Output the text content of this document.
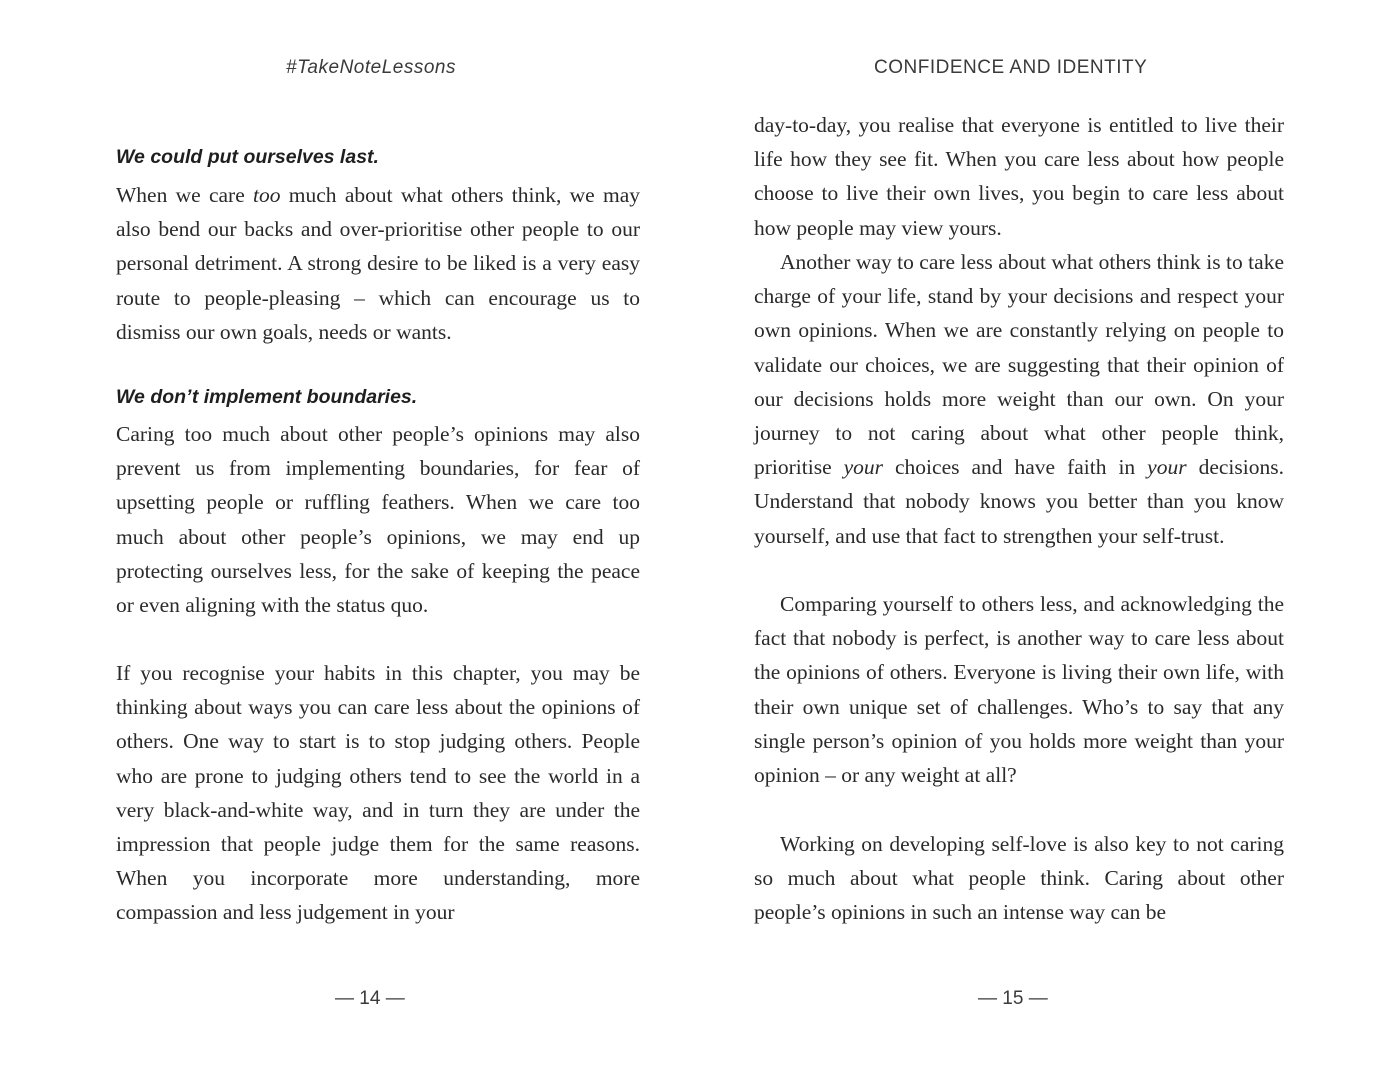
#TakeNoteLessons
We could put ourselves last.

When we care too much about what others think, we may also bend our backs and over-prioritise other people to our personal detriment. A strong desire to be liked is a very easy route to people-pleasing – which can encourage us to dismiss our own goals, needs or wants.

We don’t implement boundaries.
Caring too much about other people’s opinions may also prevent us from implementing boundaries, for fear of upsetting people or ruffling feathers. When we care too much about other people’s opinions, we may end up protecting ourselves less, for the sake of keeping the peace or even aligning with the status quo.
If you recognise your habits in this chapter, you may be thinking about ways you can care less about the opinions of others. One way to start is to stop judging others. People who are prone to judging others tend to see the world in a very black-and-white way, and in turn they are under the impression that people judge them for the same reasons. When you incorporate more understanding, more compassion and less judgement in your
— 14 —
CONFIDENCE AND IDENTITY
day-to-day, you realise that everyone is entitled to live their life how they see fit. When you care less about how people choose to live their own lives, you begin to care less about how people may view yours.

Another way to care less about what others think is to take charge of your life, stand by your decisions and respect your own opinions. When we are constantly relying on people to validate our choices, we are suggesting that their opinion of our decisions holds more weight than our own. On your journey to not caring about what other people think, prioritise your choices and have faith in your decisions. Understand that nobody knows you better than you know yourself, and use that fact to strengthen your self-trust.

Comparing yourself to others less, and acknowledging the fact that nobody is perfect, is another way to care less about the opinions of others. Everyone is living their own life, with their own unique set of challenges. Who’s to say that any single person’s opinion of you holds more weight than your opinion – or any weight at all?
Working on developing self-love is also key to not caring so much about what people think. Caring about other people’s opinions in such an intense way can be
— 15 —
